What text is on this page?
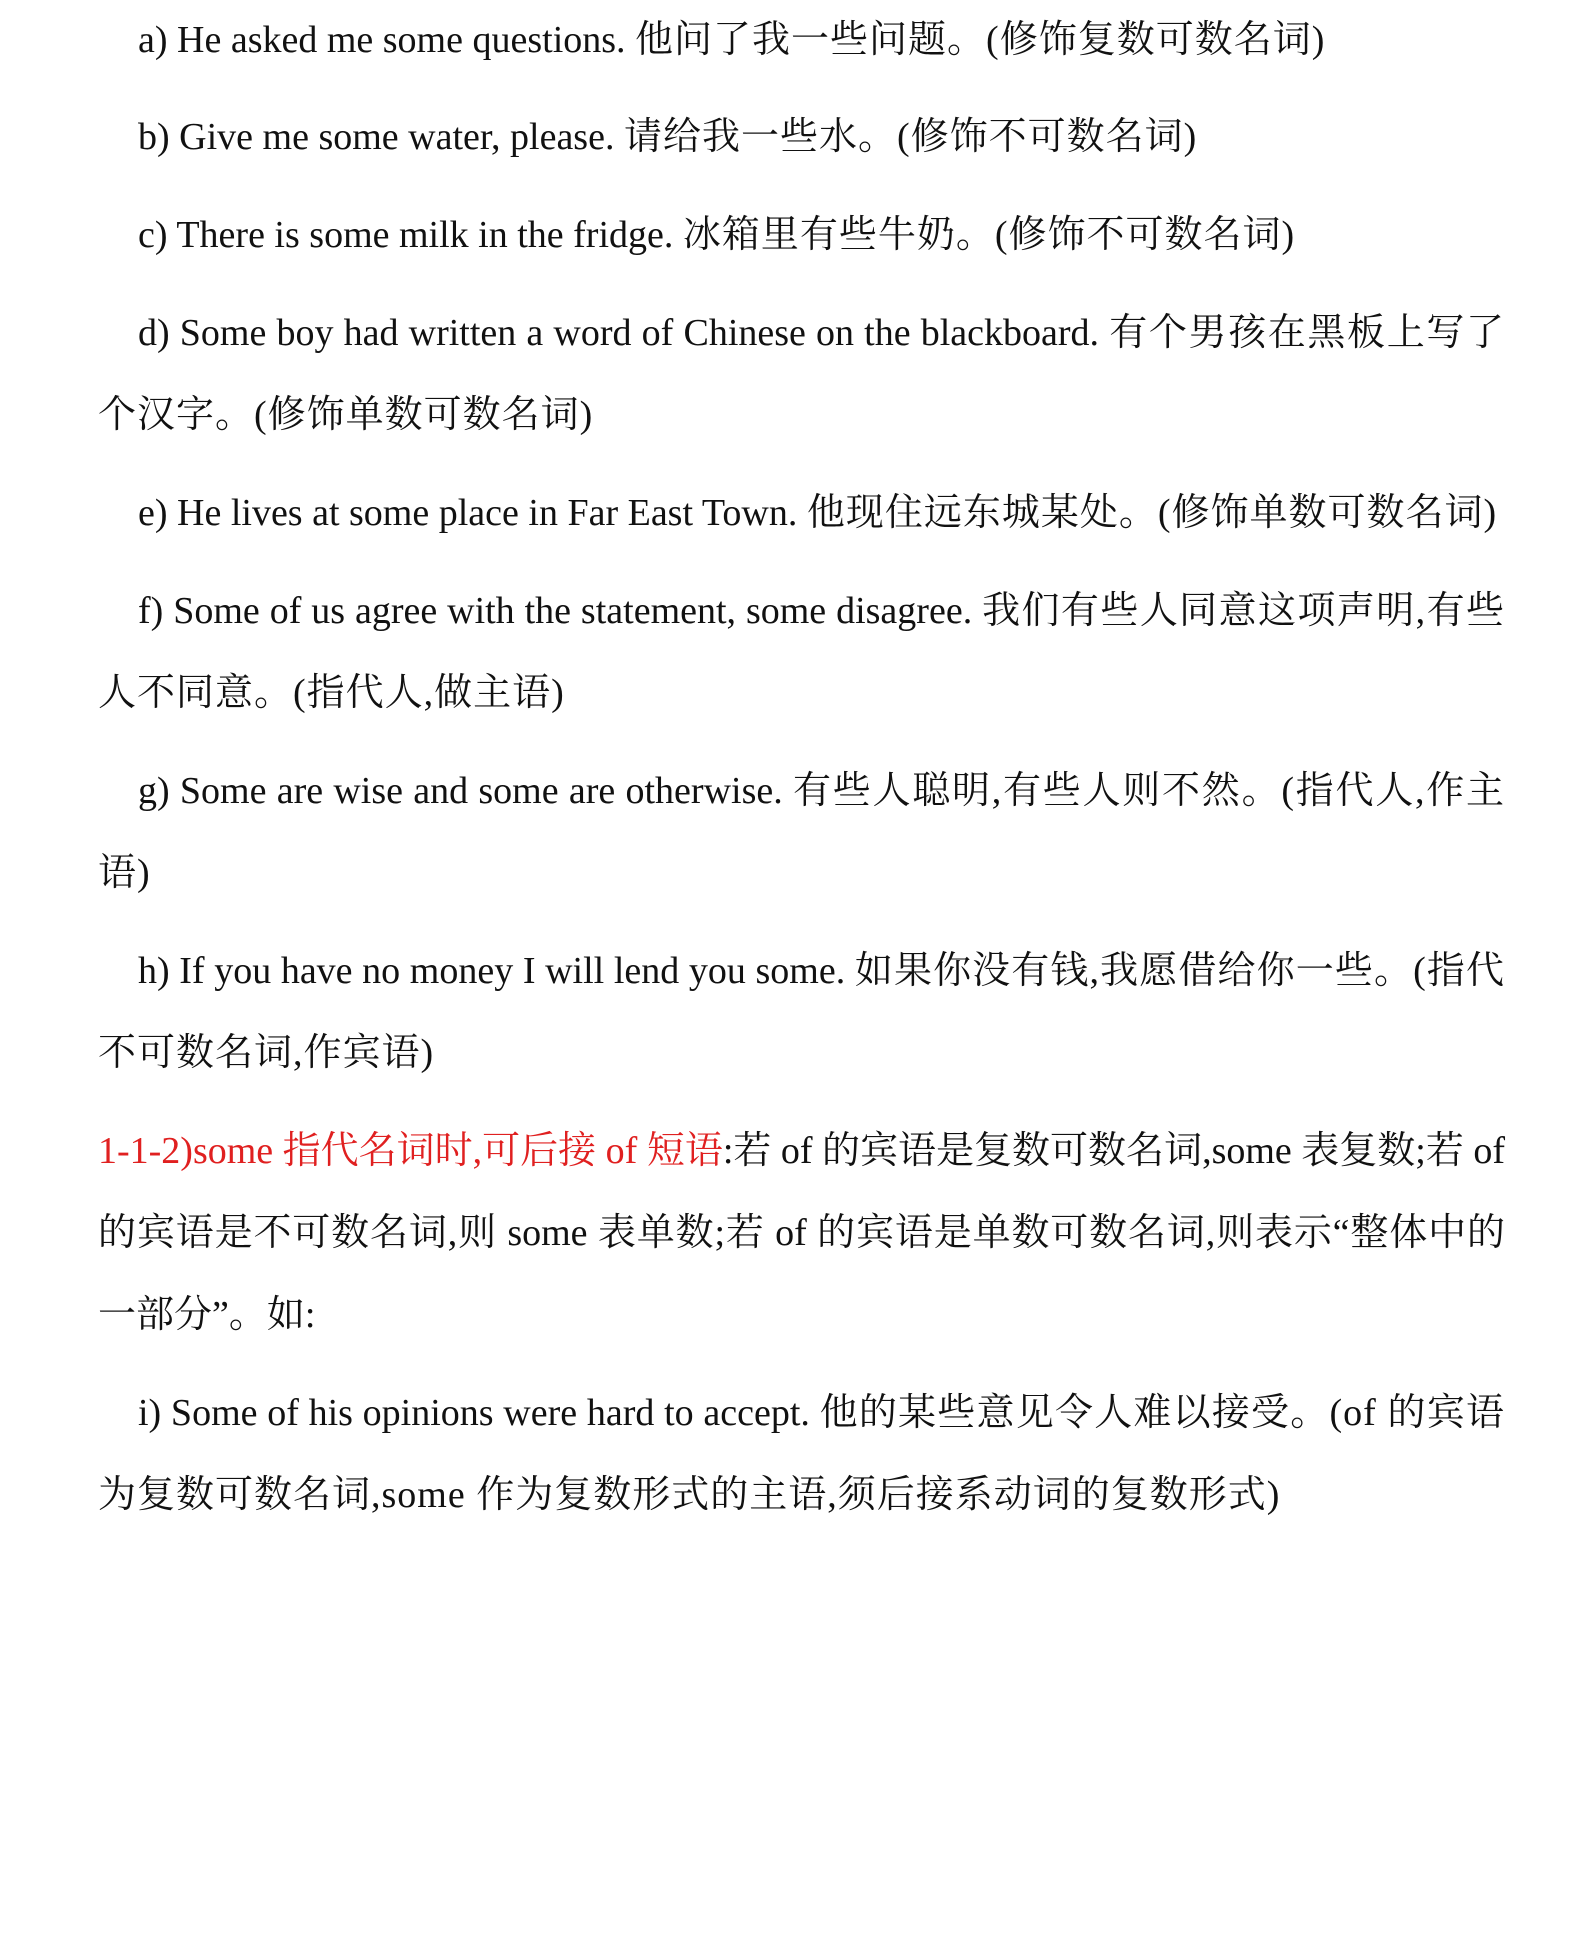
a) He asked me some questions. 他问了我一些问题。(修饰复数可数名词)

b) Give me some water, please. 请给我一些水。(修饰不可数名词)

c) There is some milk in the fridge. 冰箱里有些牛奶。(修饰不可数名词)

d) Some boy had written a word of Chinese on the blackboard. 有个男孩在黑板上写了个汉字。(修饰单数可数名词)

e) He lives at some place in Far East Town. 他现住远东城某处。(修饰单数可数名词)

f) Some of us agree with the statement, some disagree. 我们有些人同意这项声明,有些人不同意。(指代人,做主语)

g) Some are wise and some are otherwise. 有些人聪明,有些人则不然。(指代人,作主语)

h) If you have no money I will lend you some. 如果你没有钱,我愿借给你一些。(指代不可数名词,作宾语)

1-1-2)some 指代名词时,可后接 of 短语:若 of 的宾语是复数可数名词,some 表复数;若 of 的宾语是不可数名词,则 some 表单数;若 of 的宾语是单数可数名词,则表示“整体中的一部分”。如:

i) Some of his opinions were hard to accept. 他的某些意见令人难以接受。(of 的宾语为复数可数名词,some 作为复数形式的主语,须后接系动词的复数形式)
